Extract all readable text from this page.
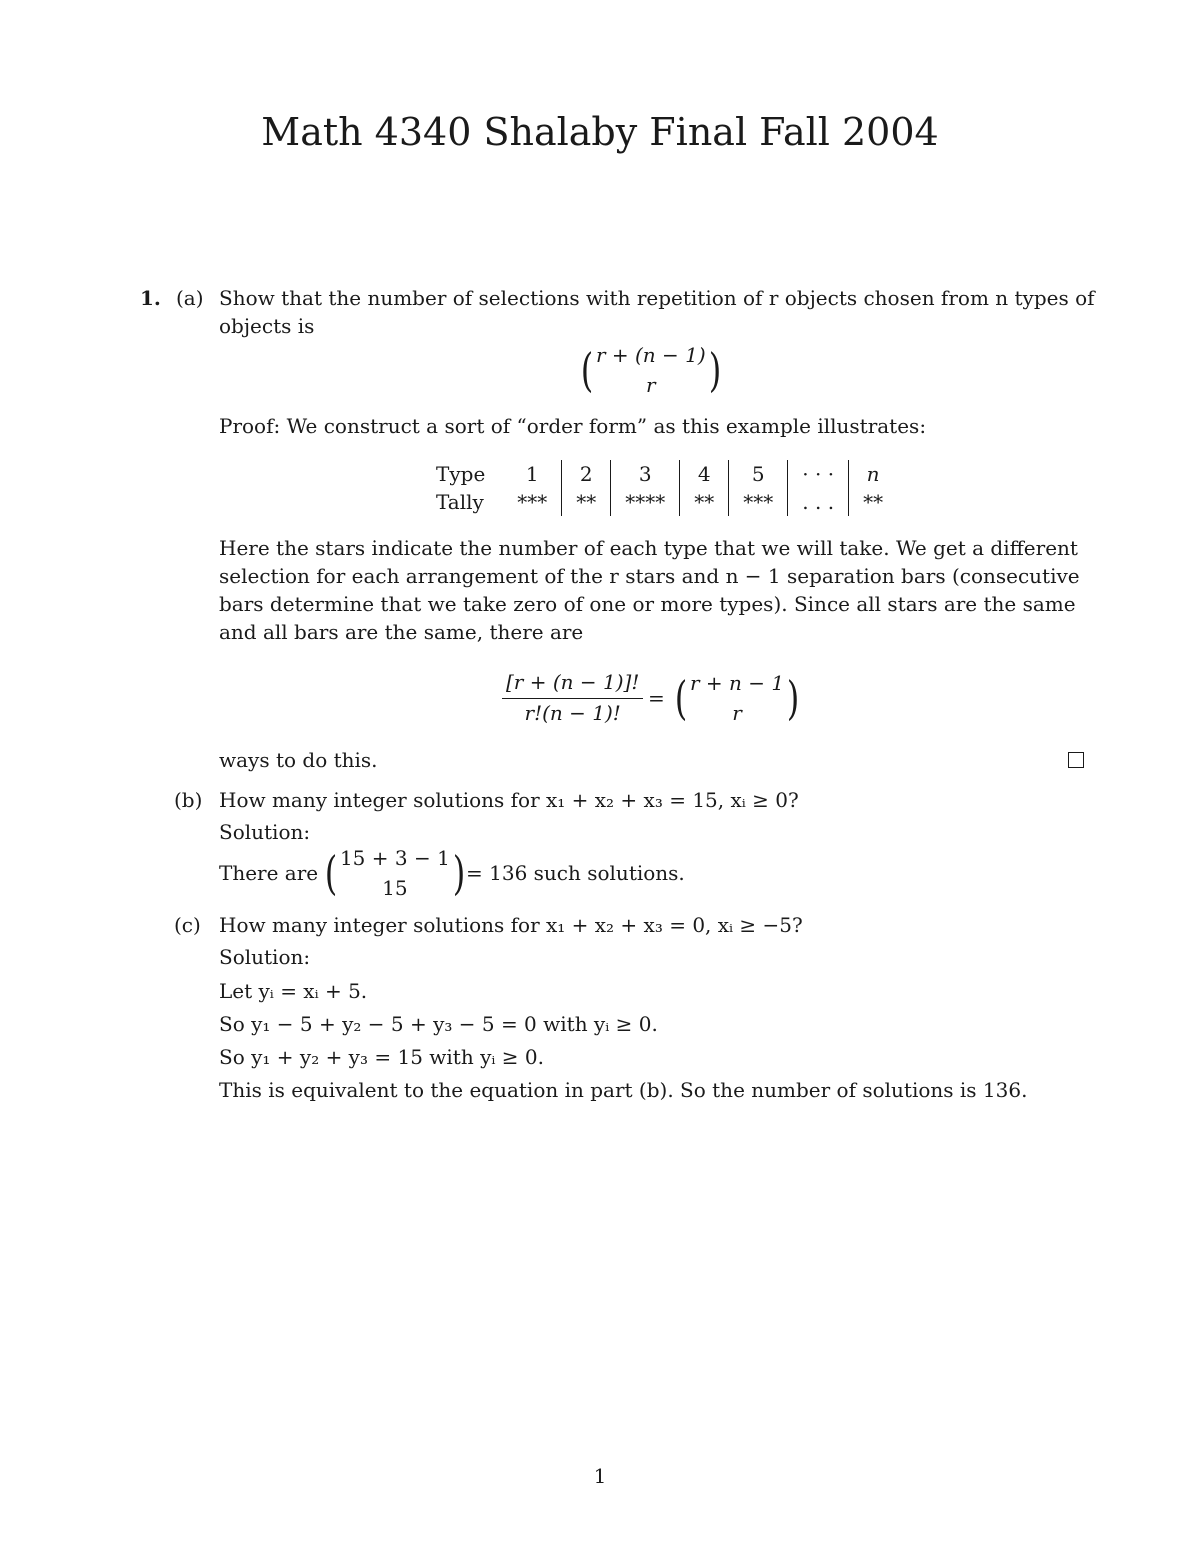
Math 4340 Shalaby Final Fall 2004
1. (a) Show that the number of selections with repetition of r objects chosen from n types of
objects is
( r + (n − 1)
r )
Proof: We construct a sort of “order form” as this example illustrates:
Type	1	2	3	4	5	· · ·	n
Tally	***	**	****	**	***	. . .	**
Here the stars indicate the number of each type that we will take. We get a different
selection for each arrangement of the r stars and n − 1 separation bars (consecutive
bars determine that we take zero of one or more types). Since all stars are the same
and all bars are the same, there are
$\frac{[r + (n - 1)]!}{r!(n - 1)!}$ = ( r + n − 1
r )
ways to do this.
(b) How many integer solutions for x₁ + x₂ + x₃ = 15, xᵢ ≥ 0?
Solution:
There are ( 15 + 3 − 1
15 ) = 136 such solutions.
(c) How many integer solutions for x₁ + x₂ + x₃ = 0, xᵢ ≥ −5?
Solution:
Let yᵢ = xᵢ + 5.
So y₁ − 5 + y₂ − 5 + y₃ − 5 = 0 with yᵢ ≥ 0.
So y₁ + y₂ + y₃ = 15 with yᵢ ≥ 0.
This is equivalent to the equation in part (b). So the number of solutions is 136.
1
